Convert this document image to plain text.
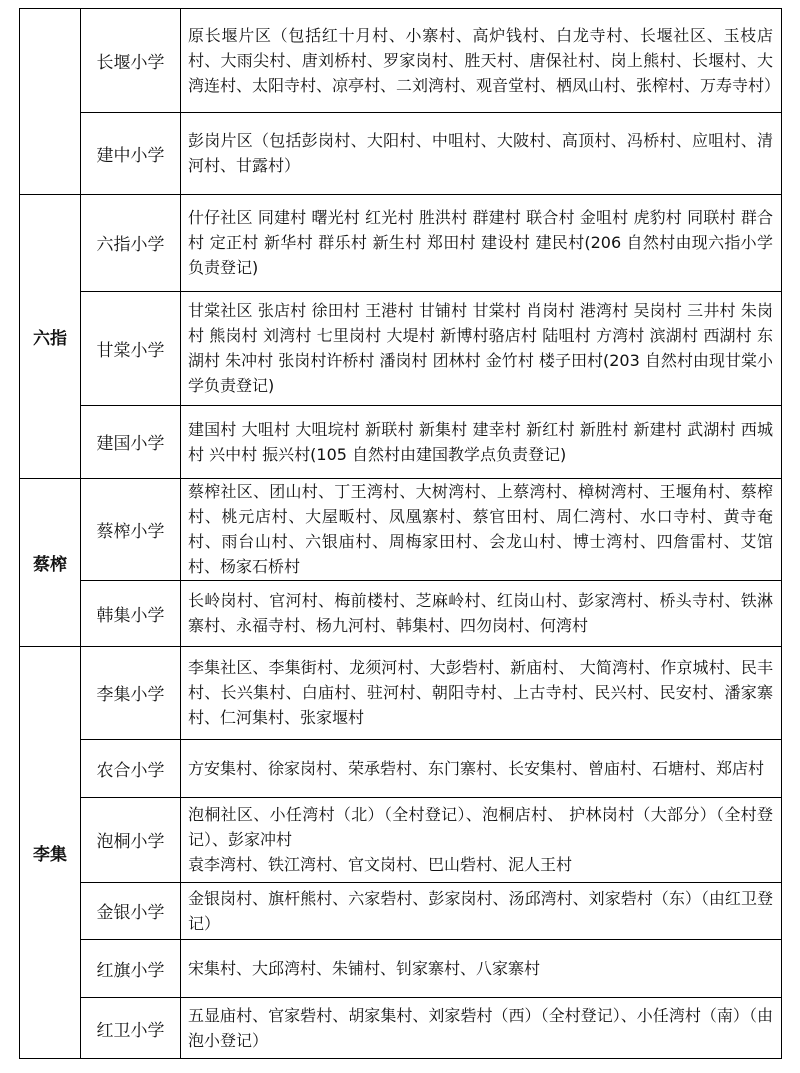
六指
蔡榨
李集
长堰小学
建中小学
六指小学
甘棠小学
建国小学
蔡榨小学
韩集小学
李集小学
农合小学
泡桐小学
金银小学
红旗小学
红卫小学
原长堰片区（包括红十月村、小寨村、高炉钱村、白龙寺村、长堰社区、玉枝店村、大雨尖村、唐刘桥村、罗家岗村、胜天村、唐保社村、岗上熊村、长堰村、大湾连村、太阳寺村、凉亭村、二刘湾村、观音堂村、栖凤山村、张榨村、万寿寺村）
彭岗片区（包括彭岗村、大阳村、中咀村、大陂村、高顶村、冯桥村、应咀村、清河村、甘露村）
什仔社区 同建村 曙光村 红光村 胜洪村 群建村 联合村 金咀村 虎豹村 同联村 群合村 定正村 新华村 群乐村 新生村 郑田村 建设村 建民村(206 自然村由现六指小学负责登记)
甘棠社区 张店村 徐田村 王港村 甘铺村 甘棠村 肖岗村 港湾村 吴岗村 三井村 朱岗村 熊岗村 刘湾村 七里岗村 大堤村 新博村骆店村 陆咀村 方湾村 滨湖村 西湖村 东湖村 朱冲村 张岗村许桥村 潘岗村 团林村 金竹村 楼子田村(203 自然村由现甘棠小学负责登记)
建国村 大咀村 大咀垸村 新联村 新集村 建幸村 新红村 新胜村 新建村 武湖村 西城村 兴中村 振兴村(105 自然村由建国教学点负责登记)
蔡榨社区、团山村、丁王湾村、大树湾村、上蔡湾村、樟树湾村、王堰角村、蔡榨村、桃元店村、大屋畈村、凤凰寨村、蔡官田村、周仁湾村、水口寺村、黄寺奄村、雨台山村、六银庙村、周梅家田村、会龙山村、博士湾村、四詹雷村、艾馆村、杨家石桥村
长岭岗村、官河村、梅前楼村、芝麻岭村、红岗山村、彭家湾村、桥头寺村、铁淋寨村、永福寺村、杨九河村、韩集村、四勿岗村、何湾村
李集社区、李集街村、龙须河村、大彭砦村、新庙村、 大简湾村、作京城村、民丰村、长兴集村、白庙村、驻河村、朝阳寺村、上古寺村、民兴村、民安村、潘家寨村、仁河集村、张家堰村
方安集村、徐家岗村、荣承砦村、东门寨村、长安集村、曾庙村、石塘村、郑店村
泡桐社区、小任湾村（北）（全村登记）、泡桐店村、 护林岗村（大部分）（全村登记）、彭家冲村
袁李湾村、铁江湾村、官文岗村、巴山砦村、泥人王村
金银岗村、旗杆熊村、六家砦村、彭家岗村、汤邱湾村、刘家砦村（东）（由红卫登记）
宋集村、大邱湾村、朱铺村、钊家寨村、八家寨村
五显庙村、官家砦村、胡家集村、刘家砦村（西）（全村登记）、小任湾村（南）（由泡小登记）
